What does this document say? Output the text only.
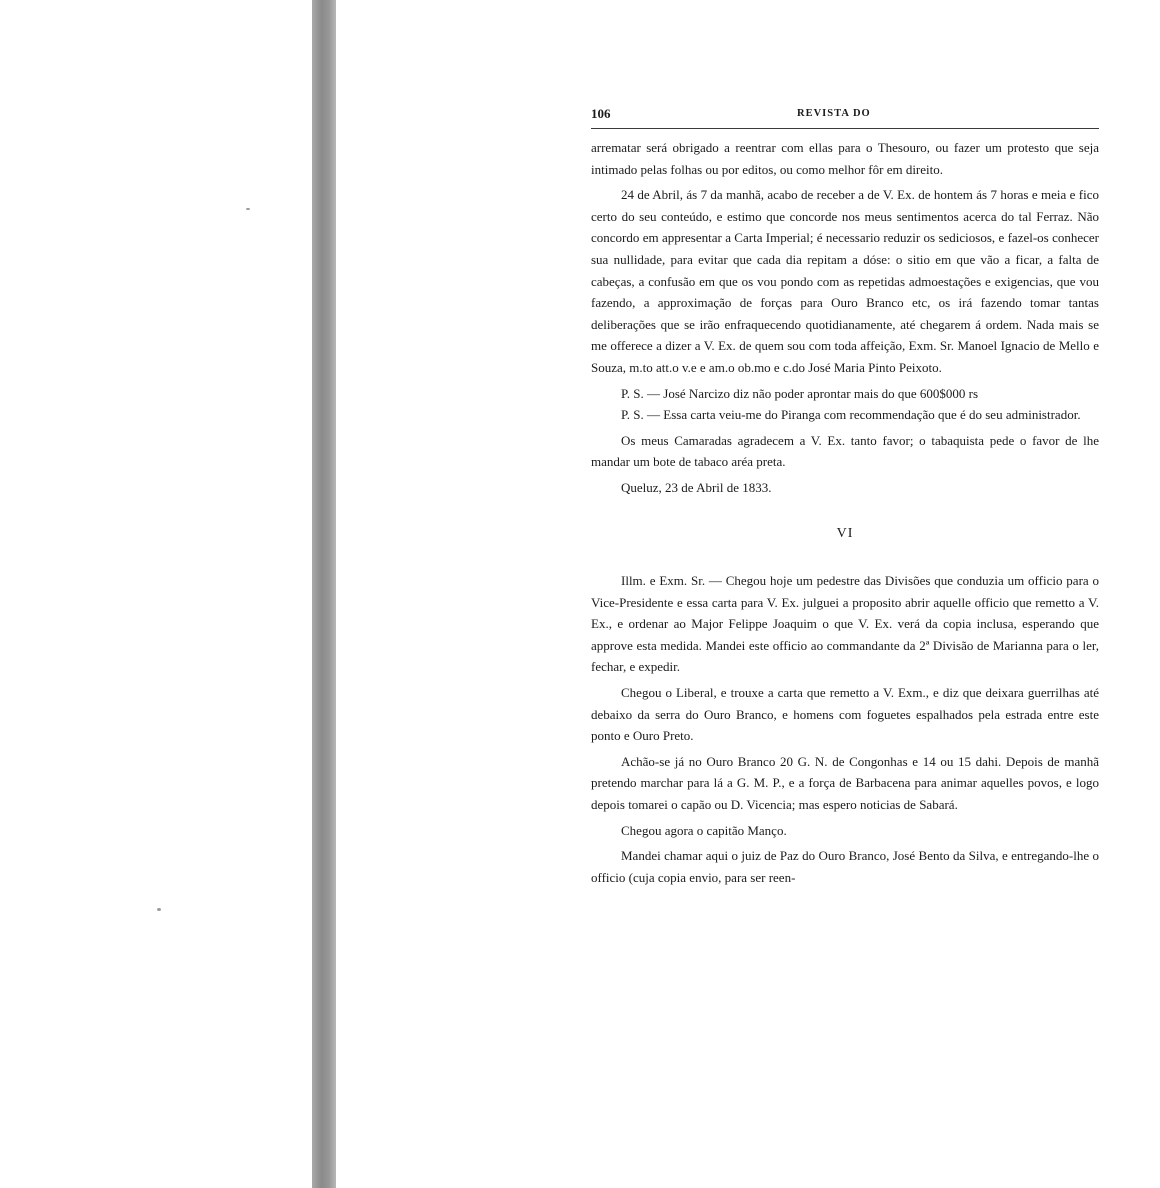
106	REVISTA DO

arrematar será obrigado a reentrar com ellas para o Thesouro, ou fazer um protesto que seja intimado pelas folhas ou por editos, ou como melhor fôr em direito.

24 de Abril, ás 7 da manhã, acabo de receber a de V. Ex. de hontem ás 7 horas e meia e fico certo do seu conteúdo, e estimo que concorde nos meus sentimentos acerca do tal Ferraz. Não concordo em appresentar a Carta Imperial; é necessario reduzir os sediciosos, e fazel-os conhecer sua nullidade, para evitar que cada dia repitam a dóse: o sitio em que vão a ficar, a falta de cabeças, a confusão em que os vou pondo com as repetidas admoestações e exigencias, que vou fazendo, a approximação de forças para Ouro Branco etc, os irá fazendo tomar tantas deliberações que se irão enfraquecendo quotidianamente, até chegarem á ordem. Nada mais se me offerece a dizer a V. Ex. de quem sou com toda affeição, Exm. Sr. Manoel Ignacio de Mello e Souza, m.to att.o v.e e am.o ob.mo e c.do José Maria Pinto Peixoto.

P. S. — José Narcizo diz não poder aprontar mais do que 600$000 rs

P. S. — Essa carta veiu-me do Piranga com recommendação que é do seu administrador.

Os meus Camaradas agradecem a V. Ex. tanto favor; o tabaquista pede o favor de lhe mandar um bote de tabaco aréa preta.

Queluz, 23 de Abril de 1833.

VI

Illm. e Exm. Sr. — Chegou hoje um pedestre das Divisões que conduzia um officio para o Vice-Presidente e essa carta para V. Ex. julguei a proposito abrir aquelle officio que remetto a V. Ex., e ordenar ao Major Felippe Joaquim o que V. Ex. verá da copia inclusa, esperando que approve esta medida. Mandei este officio ao commandante da 2ª Divisão de Marianna para o ler, fechar, e expedir.

Chegou o Liberal, e trouxe a carta que remetto a V. Exm., e diz que deixara guerrilhas até debaixo da serra do Ouro Branco, e homens com foguetes espalhados pela estrada entre este ponto e Ouro Preto.

Achão-se já no Ouro Branco 20 G. N. de Congonhas e 14 ou 15 dahi. Depois de manhã pretendo marchar para lá a G. M. P., e a força de Barbacena para animar aquelles povos, e logo depois tomarei o capão ou D. Vicencia; mas espero noticias de Sabará.

Chegou agora o capitão Manço.

Mandei chamar aqui o juiz de Paz do Ouro Branco, José Bento da Silva, e entregando-lhe o officio (cuja copia envio, para ser reen-
